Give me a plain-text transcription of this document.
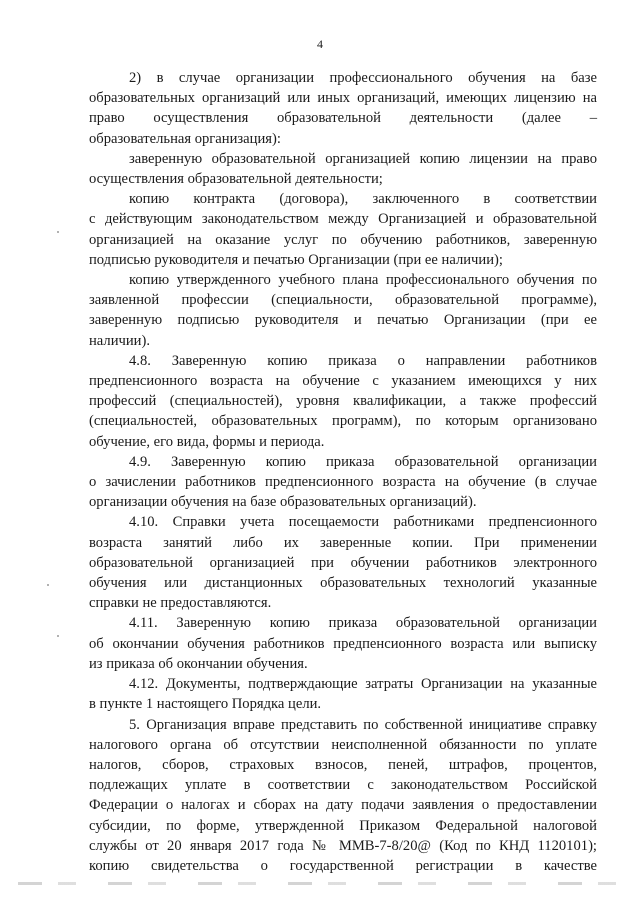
4
2) в случае организации профессионального обучения на базе
образовательных организаций или иных организаций, имеющих лицензию на
право осуществления образовательной деятельности (далее –
образовательная организация):
заверенную образовательной организацией копию лицензии на право
осуществления образовательной деятельности;
копию контракта (договора), заключенного в соответствии
с действующим законодательством между Организацией и образовательной
организацией на оказание услуг по обучению работников, заверенную
подписью руководителя и печатью Организации (при ее наличии);
копию утвержденного учебного плана профессионального обучения по
заявленной профессии (специальности, образовательной программе),
заверенную подписью руководителя и печатью Организации (при ее
наличии).
4.8. Заверенную копию приказа о направлении работников
предпенсионного возраста на обучение с указанием имеющихся у них
профессий (специальностей), уровня квалификации, а также профессий
(специальностей, образовательных программ), по которым организовано
обучение, его вида, формы и периода.
4.9. Заверенную копию приказа образовательной организации
о зачислении работников предпенсионного возраста на обучение (в случае
организации обучения на базе образовательных организаций).
4.10. Справки учета посещаемости работниками предпенсионного
возраста занятий либо их заверенные копии. При применении
образовательной организацией при обучении работников электронного
обучения или дистанционных образовательных технологий указанные
справки не предоставляются.
4.11. Заверенную копию приказа образовательной организации
об окончании обучения работников предпенсионного возраста или выписку
из приказа об окончании обучения.
4.12. Документы, подтверждающие затраты Организации на указанные
в пункте 1 настоящего Порядка цели.
5. Организация вправе представить по собственной инициативе справку
налогового органа об отсутствии неисполненной обязанности по уплате
налогов, сборов, страховых взносов, пеней, штрафов, процентов,
подлежащих уплате в соответствии с законодательством Российской
Федерации о налогах и сборах на дату подачи заявления о предоставлении
субсидии, по форме, утвержденной Приказом Федеральной налоговой
службы от 20 января 2017 года № ММВ-7-8/20@ (Код по КНД 1120101);
копию свидетельства о государственной регистрации в качестве
